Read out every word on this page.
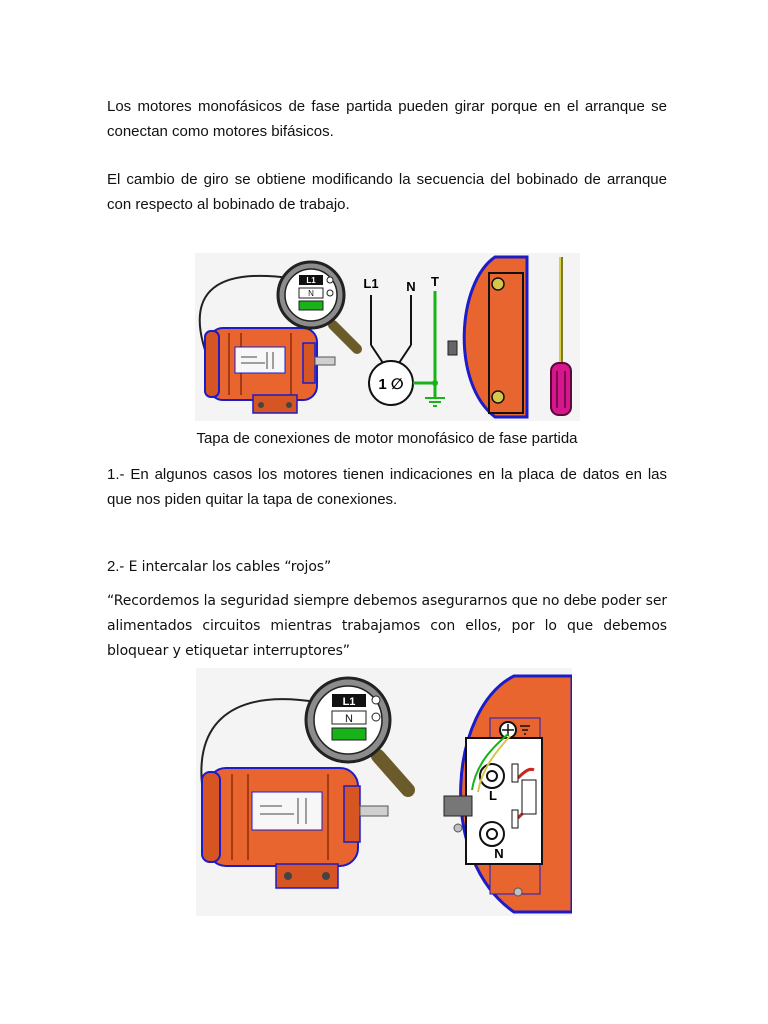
Los motores monofásicos de fase partida pueden girar porque en el arranque se conectan como motores bifásicos.

El cambio de giro se obtiene modificando la secuencia del bobinado de arranque con respecto al bobinado de trabajo.

L1
N
L1 N T
1 ∅

Tapa de conexiones de motor monofásico de fase partida

1.- En algunos casos los motores tienen indicaciones en la placa de datos en las que nos piden quitar la tapa de conexiones.

2.- E intercalar los cables “rojos”

“Recordemos la seguridad siempre debemos asegurarnos que no debe poder ser alimentados circuitos mientras trabajamos con ellos, por lo que debemos bloquear y etiquetar interruptores”

L1
N
L
N
